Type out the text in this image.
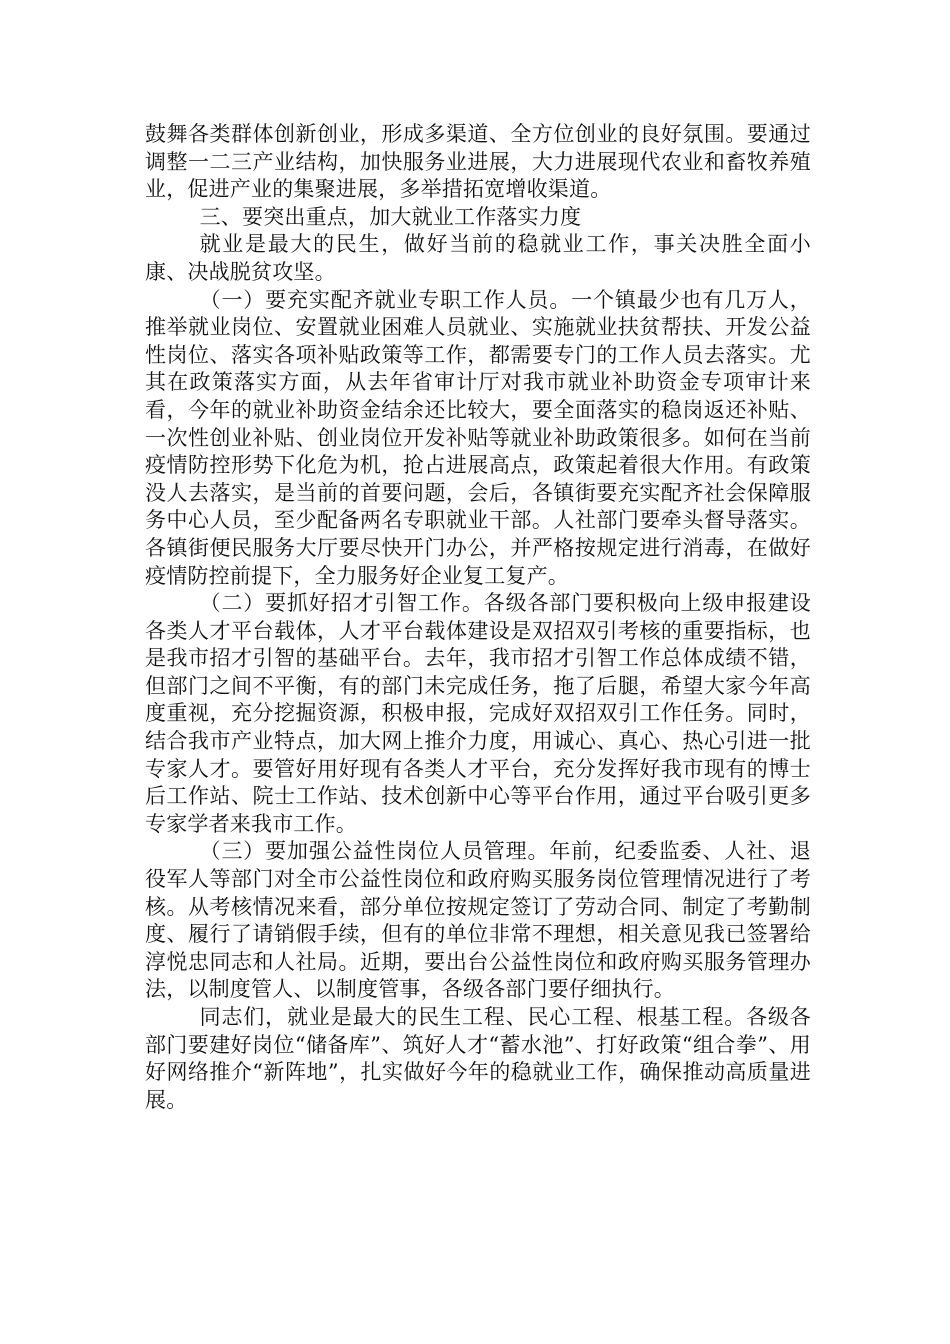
鼓舞各类群体创新创业，形成多渠道、全方位创业的良好氛围。要通过调整一二三产业结构，加快服务业进展，大力进展现代农业和畜牧养殖业，促进产业的集聚进展，多举措拓宽增收渠道。

三、要突出重点，加大就业工作落实力度

就业是最大的民生，做好当前的稳就业工作，事关决胜全面小康、决战脱贫攻坚。

（一）要充实配齐就业专职工作人员。一个镇最少也有几万人，推举就业岗位、安置就业困难人员就业、实施就业扶贫帮扶、开发公益性岗位、落实各项补贴政策等工作，都需要专门的工作人员去落实。尤其在政策落实方面，从去年省审计厅对我市就业补助资金专项审计来看，今年的就业补助资金结余还比较大，要全面落实的稳岗返还补贴、一次性创业补贴、创业岗位开发补贴等就业补助政策很多。如何在当前疫情防控形势下化危为机，抢占进展高点，政策起着很大作用。有政策没人去落实，是当前的首要问题，会后，各镇街要充实配齐社会保障服务中心人员，至少配备两名专职就业干部。人社部门要牵头督导落实。各镇街便民服务大厅要尽快开门办公，并严格按规定进行消毒，在做好疫情防控前提下，全力服务好企业复工复产。

（二）要抓好招才引智工作。各级各部门要积极向上级申报建设各类人才平台载体，人才平台载体建设是双招双引考核的重要指标，也是我市招才引智的基础平台。去年，我市招才引智工作总体成绩不错，但部门之间不平衡，有的部门未完成任务，拖了后腿，希望大家今年高度重视，充分挖掘资源，积极申报，完成好双招双引工作任务。同时，结合我市产业特点，加大网上推介力度，用诚心、真心、热心引进一批专家人才。要管好用好现有各类人才平台，充分发挥好我市现有的博士后工作站、院士工作站、技术创新中心等平台作用，通过平台吸引更多专家学者来我市工作。

（三）要加强公益性岗位人员管理。年前，纪委监委、人社、退役军人等部门对全市公益性岗位和政府购买服务岗位管理情况进行了考核。从考核情况来看，部分单位按规定签订了劳动合同、制定了考勤制度、履行了请销假手续，但有的单位非常不理想，相关意见我已签署给淳悦忠同志和人社局。近期，要出台公益性岗位和政府购买服务管理办法，以制度管人、以制度管事，各级各部门要仔细执行。

同志们，就业是最大的民生工程、民心工程、根基工程。各级各部门要建好岗位“储备库”、筑好人才“蓄水池”、打好政策“组合拳”、用好网络推介“新阵地”，扎实做好今年的稳就业工作，确保推动高质量进展。
